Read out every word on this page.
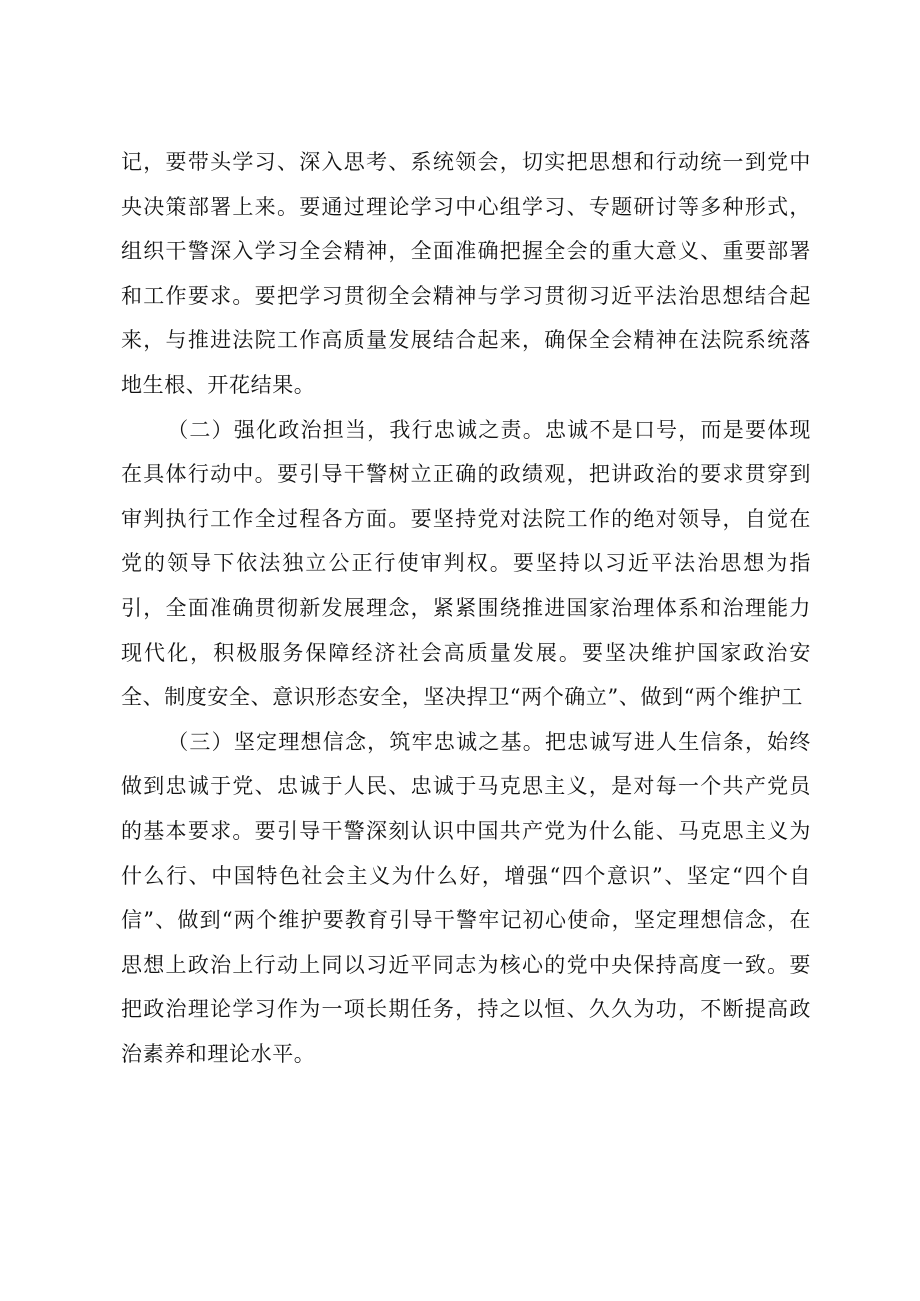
记，要带头学习、深入思考、系统领会，切实把思想和行动统一到党中央决策部署上来。要通过理论学习中心组学习、专题研讨等多种形式，组织干警深入学习全会精神，全面准确把握全会的重大意义、重要部署和工作要求。要把学习贯彻全会精神与学习贯彻习近平法治思想结合起来，与推进法院工作高质量发展结合起来，确保全会精神在法院系统落地生根、开花结果。

（二）强化政治担当，我行忠诚之责。忠诚不是口号，而是要体现在具体行动中。要引导干警树立正确的政绩观，把讲政治的要求贯穿到审判执行工作全过程各方面。要坚持党对法院工作的绝对领导，自觉在党的领导下依法独立公正行使审判权。要坚持以习近平法治思想为指引，全面准确贯彻新发展理念，紧紧围绕推进国家治理体系和治理能力现代化，积极服务保障经济社会高质量发展。要坚决维护国家政治安全、制度安全、意识形态安全，坚决捍卫“两个确立”、做到“两个维护工

（三）坚定理想信念，筑牢忠诚之基。把忠诚写进人生信条，始终做到忠诚于党、忠诚于人民、忠诚于马克思主义，是对每一个共产党员的基本要求。要引导干警深刻认识中国共产党为什么能、马克思主义为什么行、中国特色社会主义为什么好，增强“四个意识”、坚定“四个自信”、做到“两个维护要教育引导干警牢记初心使命，坚定理想信念，在思想上政治上行动上同以习近平同志为核心的党中央保持高度一致。要把政治理论学习作为一项长期任务，持之以恒、久久为功，不断提高政治素养和理论水平。
